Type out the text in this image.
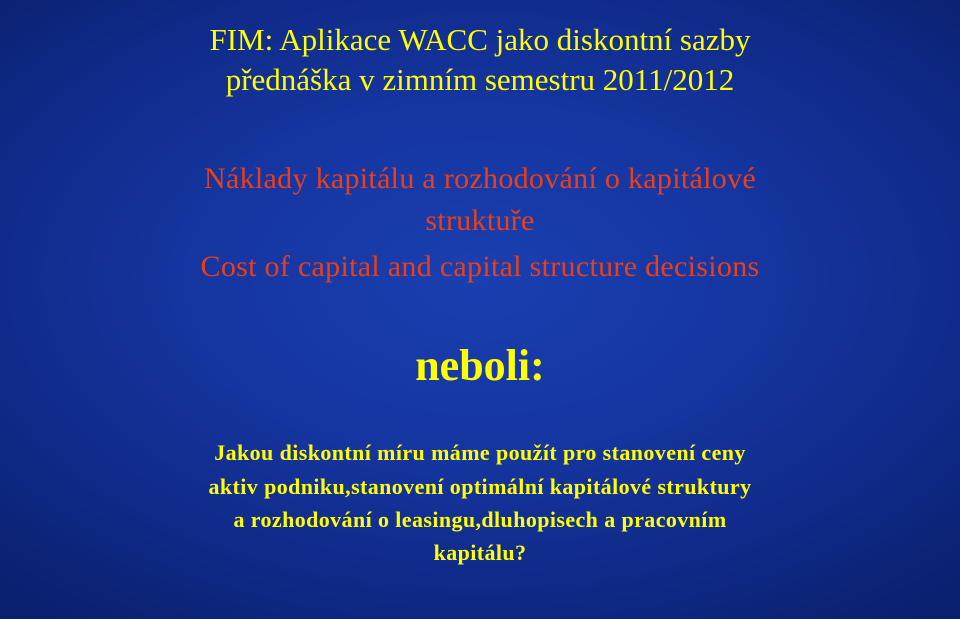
FIM: Aplikace WACC jako diskontní sazby
přednáška v zimním semestru 2011/2012
Náklady kapitálu a rozhodování o kapitálové
struktuře
Cost of capital and capital structure decisions
neboli:
Jakou diskontní míru máme použít pro stanovení ceny
aktiv podniku,stanovení optimální kapitálové struktury
a rozhodování o leasingu,dluhopisech a pracovním
kapitálu?
